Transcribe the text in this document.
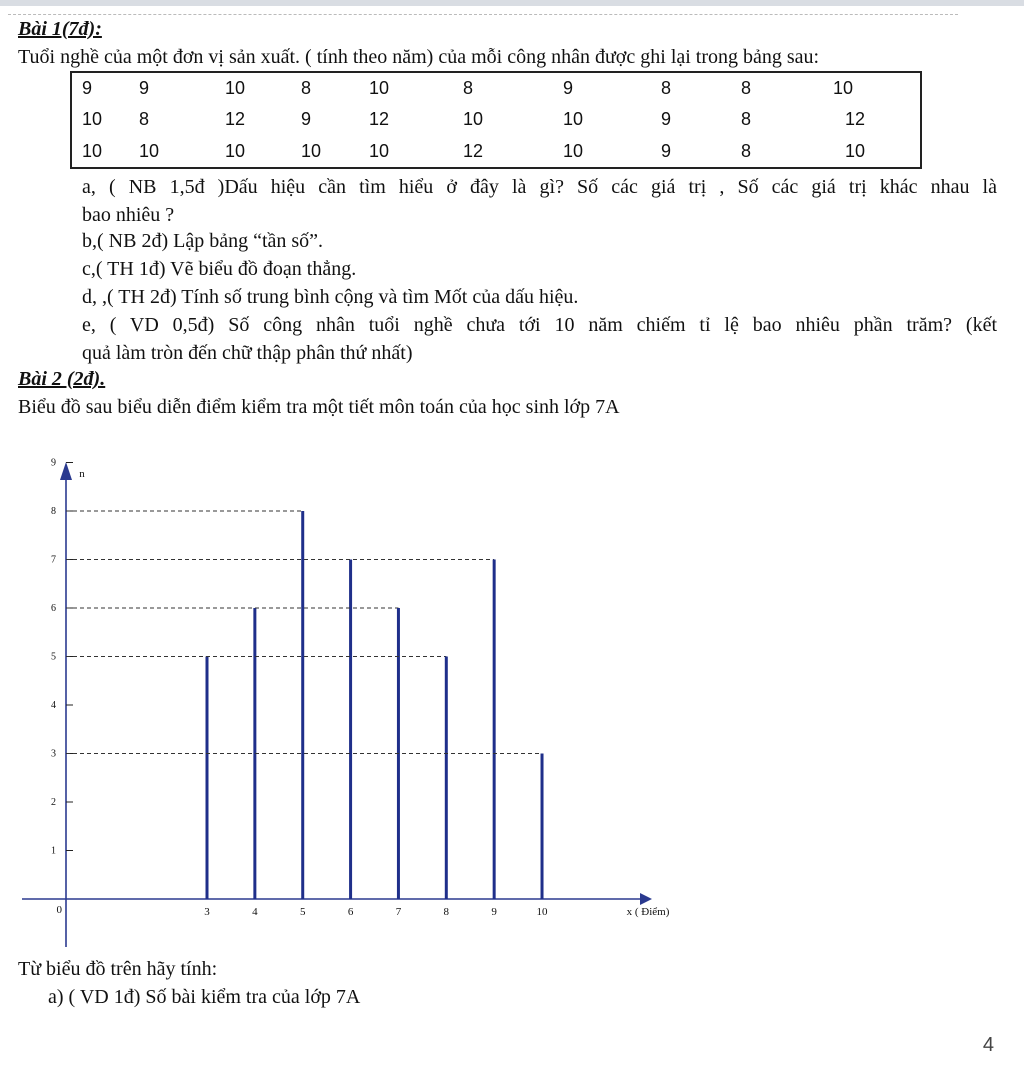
Bài 1(7đ):
Tuổi nghề của một đơn vị sản xuất. ( tính theo năm) của mỗi công nhân được ghi lại trong bảng sau:
9	9	10	8	10	8	9	8	8	10
10	8	12	9	12	10	10	9	8	12
10	10	10	10	10	12	10	9	8	10
a, ( NB 1,5đ )Dấu hiệu cần tìm hiểu ở đây là gì? Số các giá trị , Số các giá trị khác nhau là
bao nhiêu ?
b,( NB 2đ) Lập bảng “tần số”.
c,( TH 1đ) Vẽ biểu đồ đoạn thẳng.
d, ,( TH 2đ) Tính số trung bình cộng và tìm Mốt của dấu hiệu.
e, ( VD 0,5đ) Số công nhân tuổi nghề chưa tới 10 năm chiếm tỉ lệ bao nhiêu phần trăm? (kết
quả làm tròn đến chữ thập phân thứ nhất)
Bài 2 (2đ).
Biểu đồ sau biểu diễn điểm kiểm tra một tiết môn toán của học sinh lớp 7A
0
n
1
2
3
4
5
6
7
8
9
3	4	5	6	7	8	9	10	x ( Điểm)
Từ biểu đồ trên hãy tính:
a) ( VD 1đ) Số bài kiểm tra của lớp 7A
4
